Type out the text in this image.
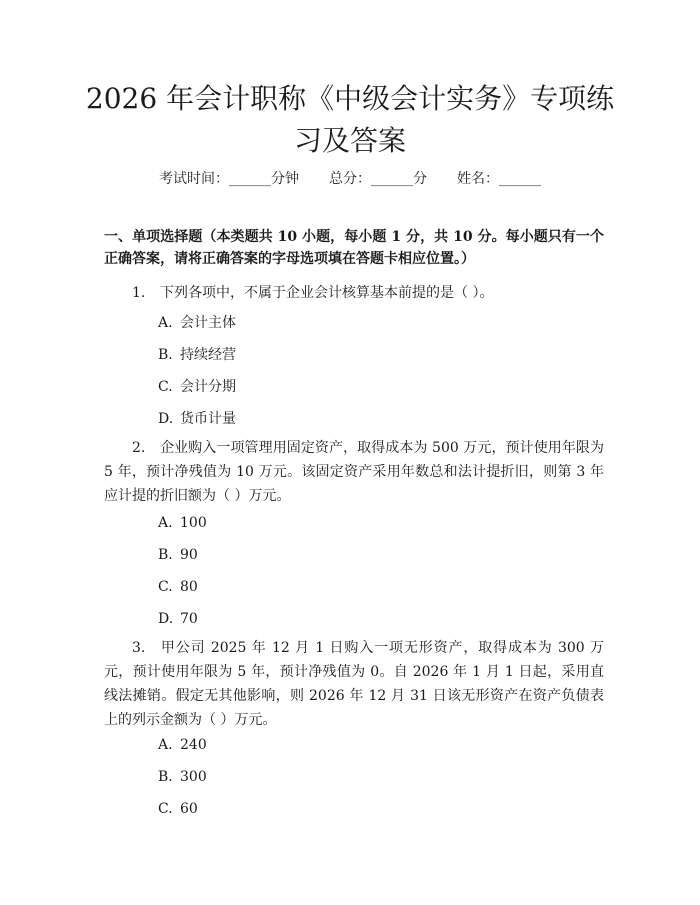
2026 年会计职称《中级会计实务》专项练习及答案
考试时间：______分钟 总分：______分 姓名：______

一、单项选择题（本类题共 10 小题，每小题 1 分，共 10 分。每小题只有一个正确答案，请将正确答案的字母选项填在答题卡相应位置。）

1. 下列各项中，不属于企业会计核算基本前提的是（ ）。

A. 会计主体
B. 持续经营
C. 会计分期
D. 货币计量

2. 企业购入一项管理用固定资产，取得成本为 500 万元，预计使用年限为 5 年，预计净残值为 10 万元。该固定资产采用年数总和法计提折旧，则第 3 年应计提的折旧额为（ ）万元。

A. 100
B. 90
C. 80
D. 70

3. 甲公司 2025 年 12 月 1 日购入一项无形资产，取得成本为 300 万元，预计使用年限为 5 年，预计净残值为 0。自 2026 年 1 月 1 日起，采用直线法摊销。假定无其他影响，则 2026 年 12 月 31 日该无形资产在资产负债表上的列示金额为（ ）万元。

A. 240
B. 300
C. 60
